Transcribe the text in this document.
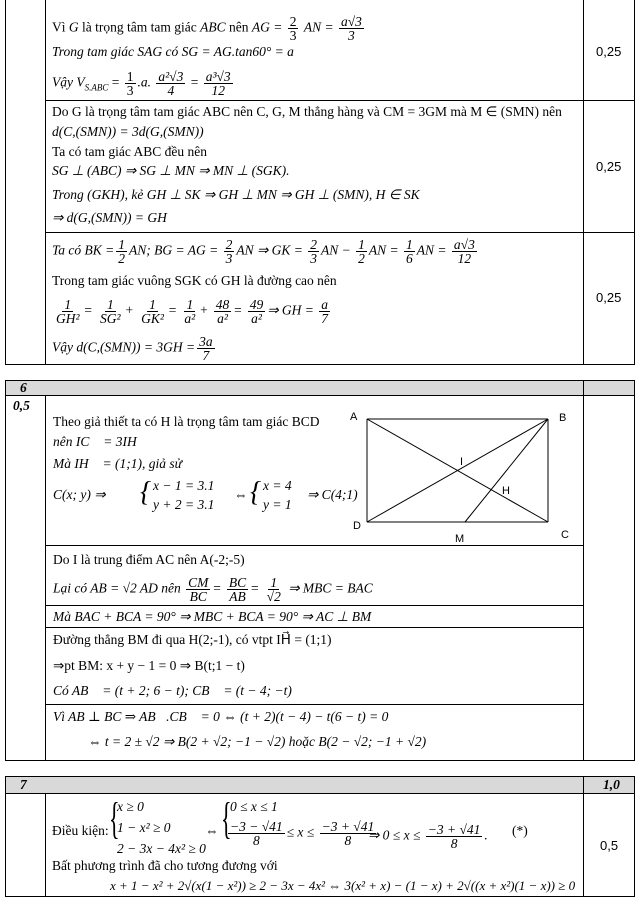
Vì G là trọng tâm tam giác ABC nên AG = $\frac{2}{3}$ AN = $\frac{a√3}{3}$
Trong tam giác SAG có SG = AG.tan60° = a
Vậy $V_{S.ABC} = \frac{1}{3} .a$. $\frac{\text{a²√3}}{4} = \frac{\text{a³√3}}{12}$
0,25
Do G là trọng tâm tam giác ABC nên C, G, M thẳng hàng và CM = 3GM mà M ∈ (SMN) nên
d(C,(SMN)) = 3d(G,(SMN))
Ta có tam giác ABC đều nên
SG ⊥ (ABC) ⇒ SG ⊥ MN ⇒ MN ⊥ (SGK).
Trong (GKH), kẻ GH ⊥ SK ⇒ GH ⊥ MN ⇒ GH ⊥ (SMN), H ∈ SK
⇒ d(G,(SMN)) = GH
0,25
Ta có BK = $\frac{1}{2}$ AN; BG = AG = $\frac{2}{3}$ AN ⇒ GK = $\frac{2}{3}$ AN − $\frac{1}{2}$ AN = $\frac{1}{6}$ AN = $\frac{a√3}{12}$
Trong tam giác vuông SGK có GH là đường cao nên
$\frac{1}{\text{GH²}} = \frac{1}{\text{SG²}} + \frac{1}{\text{GK²}} = \frac{1}{\text{a²}} + \frac{48}{\text{a²}} = \frac{49}{\text{a²}}$ ⇒ GH = $\frac{a}{7}$
Vậy $d(C,(SMN)) = 3GH = \frac{3a}{7}$
0,25
6
0,5
Theo giả thiết ta có H là trọng tâm tam giác BCD
nên IC⃗ = 3IH⃗
Mà IH⃗ = (1;1), giả sử
C(x; y) ⇒ { x − 1 = 3.1
y + 2 = 3.1
⇔ { x = 4
y = 1
⇒ C(4;1)
A	B
C
D
I
H
M
Do I là trung điểm AC nên A(-2;-5)
Lại có AB = √2 AD nên $\frac{CM}{BC} = \frac{BC}{AB} = \frac{1}{√2}$ ⇒ MBC = BAC
Mà BAC + BCA = 90° ⇒ MBC + BCA = 90° ⇒ AC ⊥ BM
Đường thẳng BM đi qua H(2;-1), có vtpt IH⃗ = (1;1)
⇒pt BM: x + y − 1 = 0 ⇒ B(t;1 − t)
Có AB⃗ = (t + 2; 6 − t); CB⃗ = (t − 4; −t)
Vì AB ⊥ BC ⇒ AB⃗.CB⃗ = 0 ⇔ (t + 2)(t − 4) − t(6 − t) = 0
⇔ t = 2 ± √2 ⇒ B(2 + √2; −1 − √2) hoặc B(2 − √2; −1 + √2)
7	1,0
Điều kiện: {
x ≥ 0
1 − x² ≥ 0
2 − 3x − 4x² ≥ 0
⇔ {
0 ≤ x ≤ 1
$\frac{-3 - √41}{8} \le x \le \frac{-3 + √41}{8}$
⇒ $0 \le x \le \frac{-3 + √41}{8}$ . (*)
0,5
Bất phương trình đã cho tương đương với
x + 1 − x² + 2√(x(1 − x²)) ≥ 2 − 3x − 4x² ⇔ 3(x² + x) − (1 − x) + 2√((x + x²)(1 − x)) ≥ 0
